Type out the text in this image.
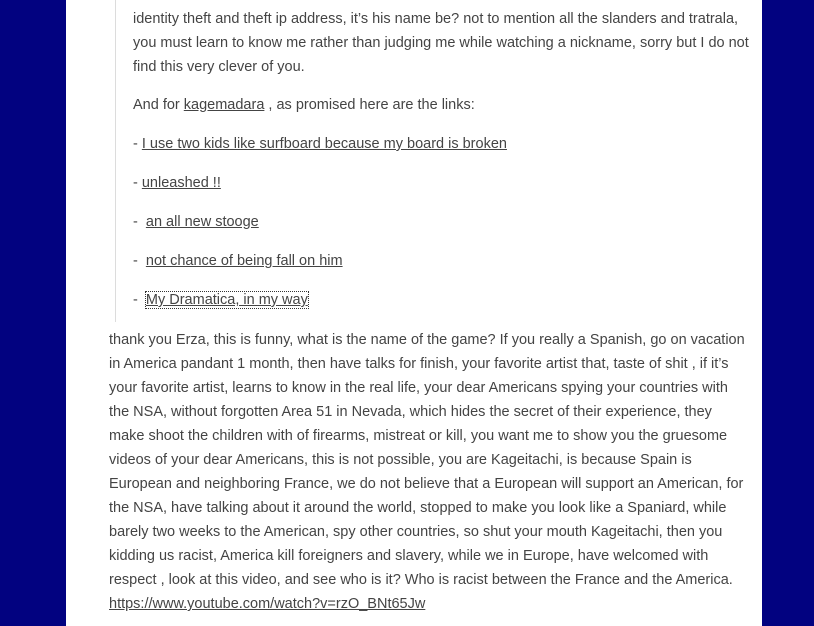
identity theft and theft ip address, it’s his name be? not to mention all the slanders and tratrala, you must learn to know me rather than judging me while watching a nickname, sorry but I do not find this very clever of you.

And for kagemadara , as promised here are the links:
- I use two kids like surfboard because my board is broken
- unleashed !!
-  an all new stooge
-  not chance of being fall on him
-  My Dramatica, in my way

thank you Erza, this is funny, what is the name of the game? If you really a Spanish, go on vacation in America pandant 1 month, then have talks for finish, your favorite artist that, taste of shit , if it’s your favorite artist, learns to know in the real life, your dear Americans spying your countries with the NSA, without forgotten Area 51 in Nevada, which hides the secret of their experience, they make shoot the children with of firearms, mistreat or kill, you want me to show you the gruesome videos of your dear Americans, this is not possible, you are Kageitachi, is because Spain is European and neighboring France, we do not believe that a European will support an American, for the NSA, have talking about it around the world, stopped to make you look like a Spaniard, while barely two weeks to the American, spy other countries, so shut your mouth Kageitachi, then you kidding us racist, America kill foreigners and slavery, while we in Europe, have welcomed with respect , look at this video, and see who is it? Who is racist between the France and the America. https://www.youtube.com/watch?v=rzO_BNt65Jw
